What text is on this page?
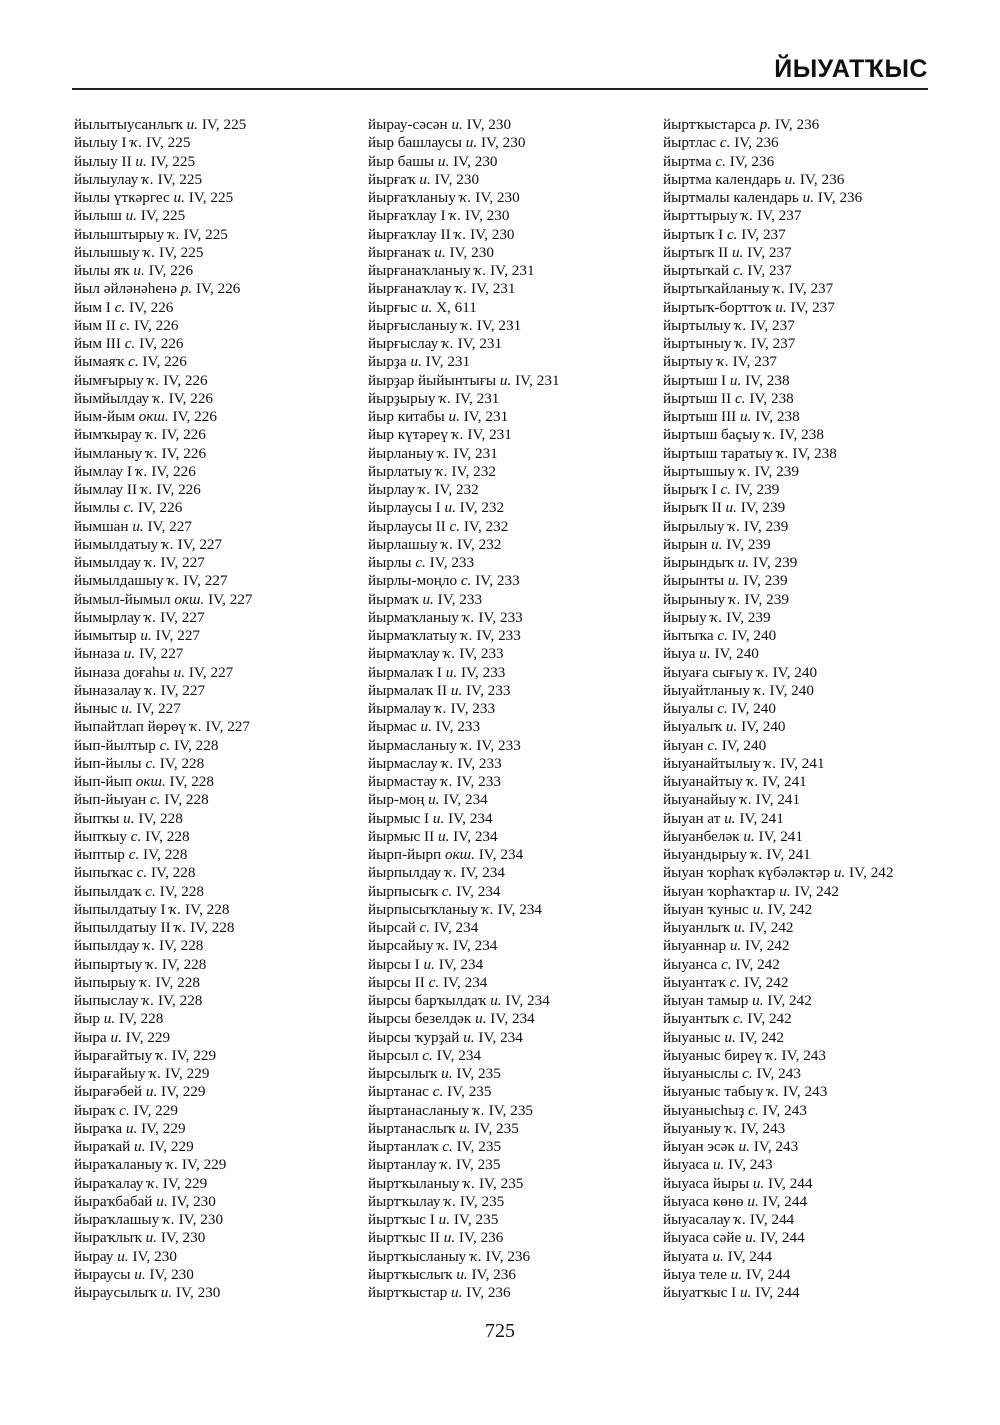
ЙЫУАТҠЫС
йылытыусанлыҡ и. IV, 225
йылыу I ҡ. IV, 225
йылыу II и. IV, 225
йылыулау ҡ. IV, 225
йылы үткәргес и. IV, 225
йылыш и. IV, 225
йылыштырыу ҡ. IV, 225
йылышыу ҡ. IV, 225
йылы яҡ и. IV, 226
йыл әйләнәһенә р. IV, 226
йым I с. IV, 226
йым II с. IV, 226
йым III с. IV, 226
йымаяҡ с. IV, 226
йымғырыу ҡ. IV, 226
йымйылдау ҡ. IV, 226
йым-йым окш. IV, 226
йымҡырау ҡ. IV, 226
йымланыу ҡ. IV, 226
йымлау I ҡ. IV, 226
йымлау II ҡ. IV, 226
йымлы с. IV, 226
йымшан и. IV, 227
йымылдатыу ҡ. IV, 227
йымылдау ҡ. IV, 227
йымылдашыу ҡ. IV, 227
йымыл-йымыл окш. IV, 227
йымырлау ҡ. IV, 227
йымытыр и. IV, 227
йыназа и. IV, 227
йыназа доғаһы и. IV, 227
йыназалау ҡ. IV, 227
йыныс и. IV, 227
йыпайтлап йөрөү ҡ. IV, 227
йып-йылтыр с. IV, 228
йып-йылы с. IV, 228
йып-йып окш. IV, 228
йып-йыуан с. IV, 228
йыпҡы и. IV, 228
йыпҡыу с. IV, 228
йыптыр с. IV, 228
йыпыҡас с. IV, 228
йыпылдаҡ с. IV, 228
йыпылдатыу I ҡ. IV, 228
йыпылдатыу II ҡ. IV, 228
йыпылдау ҡ. IV, 228
йыпыртыу ҡ. IV, 228
йыпырыу ҡ. IV, 228
йыпыслау ҡ. IV, 228
йыр и. IV, 228
йыра и. IV, 229
йырағайтыу ҡ. IV, 229
йырағайыу ҡ. IV, 229
йырағәбей и. IV, 229
йыраҡ с. IV, 229
йыраҡа и. IV, 229
йыраҡай и. IV, 229
йыраҡаланыу ҡ. IV, 229
йыраҡалау ҡ. IV, 229
йыраҡбабай и. IV, 230
йыраҡлашыу ҡ. IV, 230
йыраҡлыҡ и. IV, 230
йырау и. IV, 230
йыраусы и. IV, 230
йыраусылыҡ и. IV, 230
йырау-сәсән и. IV, 230
йыр башлаусы и. IV, 230
йыр башы и. IV, 230
йырғаҡ и. IV, 230
йырғаҡланыу ҡ. IV, 230
йырғаҡлау I ҡ. IV, 230
йырғаҡлау II ҡ. IV, 230
йырғанаҡ и. IV, 230
йырғанаҡланыу ҡ. IV, 231
йырғанаҡлау ҡ. IV, 231
йырғыс и. X, 611
йырғысланыу ҡ. IV, 231
йырғыслау ҡ. IV, 231
йырҙа и. IV, 231
йырҙар йыйынтығы и. IV, 231
йырҙырыу ҡ. IV, 231
йыр китабы и. IV, 231
йыр күтәреү ҡ. IV, 231
йырланыу ҡ. IV, 231
йырлатыу ҡ. IV, 232
йырлау ҡ. IV, 232
йырлаусы I и. IV, 232
йырлаусы II с. IV, 232
йырлашыу ҡ. IV, 232
йырлы с. IV, 233
йырлы-моңло с. IV, 233
йырмаҡ и. IV, 233
йырмаҡланыу ҡ. IV, 233
йырмаҡлатыу ҡ. IV, 233
йырмаҡлау ҡ. IV, 233
йырмалаҡ I и. IV, 233
йырмалаҡ II и. IV, 233
йырмалау ҡ. IV, 233
йырмас и. IV, 233
йырмасланыу ҡ. IV, 233
йырмаслау ҡ. IV, 233
йырмастау ҡ. IV, 233
йыр-моң и. IV, 234
йырмыс I и. IV, 234
йырмыс II и. IV, 234
йырп-йырп окш. IV, 234
йырпылдау ҡ. IV, 234
йырпысыҡ с. IV, 234
йырпысыҡланыу ҡ. IV, 234
йырсай с. IV, 234
йырсайыу ҡ. IV, 234
йырсы I и. IV, 234
йырсы II с. IV, 234
йырсы барҡылдаҡ и. IV, 234
йырсы безелдәк и. IV, 234
йырсы ҡурҙай и. IV, 234
йырсыл с. IV, 234
йырсылыҡ и. IV, 235
йыртанас с. IV, 235
йыртанасланыу ҡ. IV, 235
йыртанаслыҡ и. IV, 235
йыртанлаҡ с. IV, 235
йыртанлау ҡ. IV, 235
йыртҡыланыу ҡ. IV, 235
йыртҡылау ҡ. IV, 235
йыртҡыс I и. IV, 235
йыртҡыс II и. IV, 236
йыртҡысланыу ҡ. IV, 236
йыртҡыслыҡ и. IV, 236
йыртҡыстар и. IV, 236
йыртҡыстарса р. IV, 236
йыртлас с. IV, 236
йыртма с. IV, 236
йыртма календарь и. IV, 236
йыртмалы календарь и. IV, 236
йырттырыу ҡ. IV, 237
йыртыҡ I с. IV, 237
йыртыҡ II и. IV, 237
йыртыҡай с. IV, 237
йыртыҡайланыу ҡ. IV, 237
йыртыҡ-борттоҡ и. IV, 237
йыртылыу ҡ. IV, 237
йыртыныу ҡ. IV, 237
йыртыу ҡ. IV, 237
йыртыш I и. IV, 238
йыртыш II с. IV, 238
йыртыш III и. IV, 238
йыртыш баҫыу ҡ. IV, 238
йыртыш таратыу ҡ. IV, 238
йыртышыу ҡ. IV, 239
йырыҡ I с. IV, 239
йырыҡ II и. IV, 239
йырылыу ҡ. IV, 239
йырын и. IV, 239
йырындыҡ и. IV, 239
йырынты и. IV, 239
йырыныу ҡ. IV, 239
йырыу ҡ. IV, 239
йытыҡа с. IV, 240
йыуа и. IV, 240
йыуаға сығыу ҡ. IV, 240
йыуайтланыу ҡ. IV, 240
йыуалы с. IV, 240
йыуалыҡ и. IV, 240
йыуан с. IV, 240
йыуанайтылыу ҡ. IV, 241
йыуанайтыу ҡ. IV, 241
йыуанайыу ҡ. IV, 241
йыуан ат и. IV, 241
йыуанбеләк и. IV, 241
йыуандырыу ҡ. IV, 241
йыуан ҡорһаҡ күбәләктәр и. IV, 242
йыуан ҡорһаҡтар и. IV, 242
йыуан ҡуныс и. IV, 242
йыуанлыҡ и. IV, 242
йыуаннар и. IV, 242
йыуанса с. IV, 242
йыуантаҡ с. IV, 242
йыуан тамыр и. IV, 242
йыуантыҡ с. IV, 242
йыуаныс и. IV, 242
йыуаныс биреү ҡ. IV, 243
йыуаныслы с. IV, 243
йыуаныс табыу ҡ. IV, 243
йыуанысһыҙ с. IV, 243
йыуаныу ҡ. IV, 243
йыуан эсәк и. IV, 243
йыуаса и. IV, 243
йыуаса йыры и. IV, 244
йыуаса көнө и. IV, 244
йыуасалау ҡ. IV, 244
йыуаса сәйе и. IV, 244
йыуата и. IV, 244
йыуа теле и. IV, 244
йыуатҡыс I и. IV, 244
725
